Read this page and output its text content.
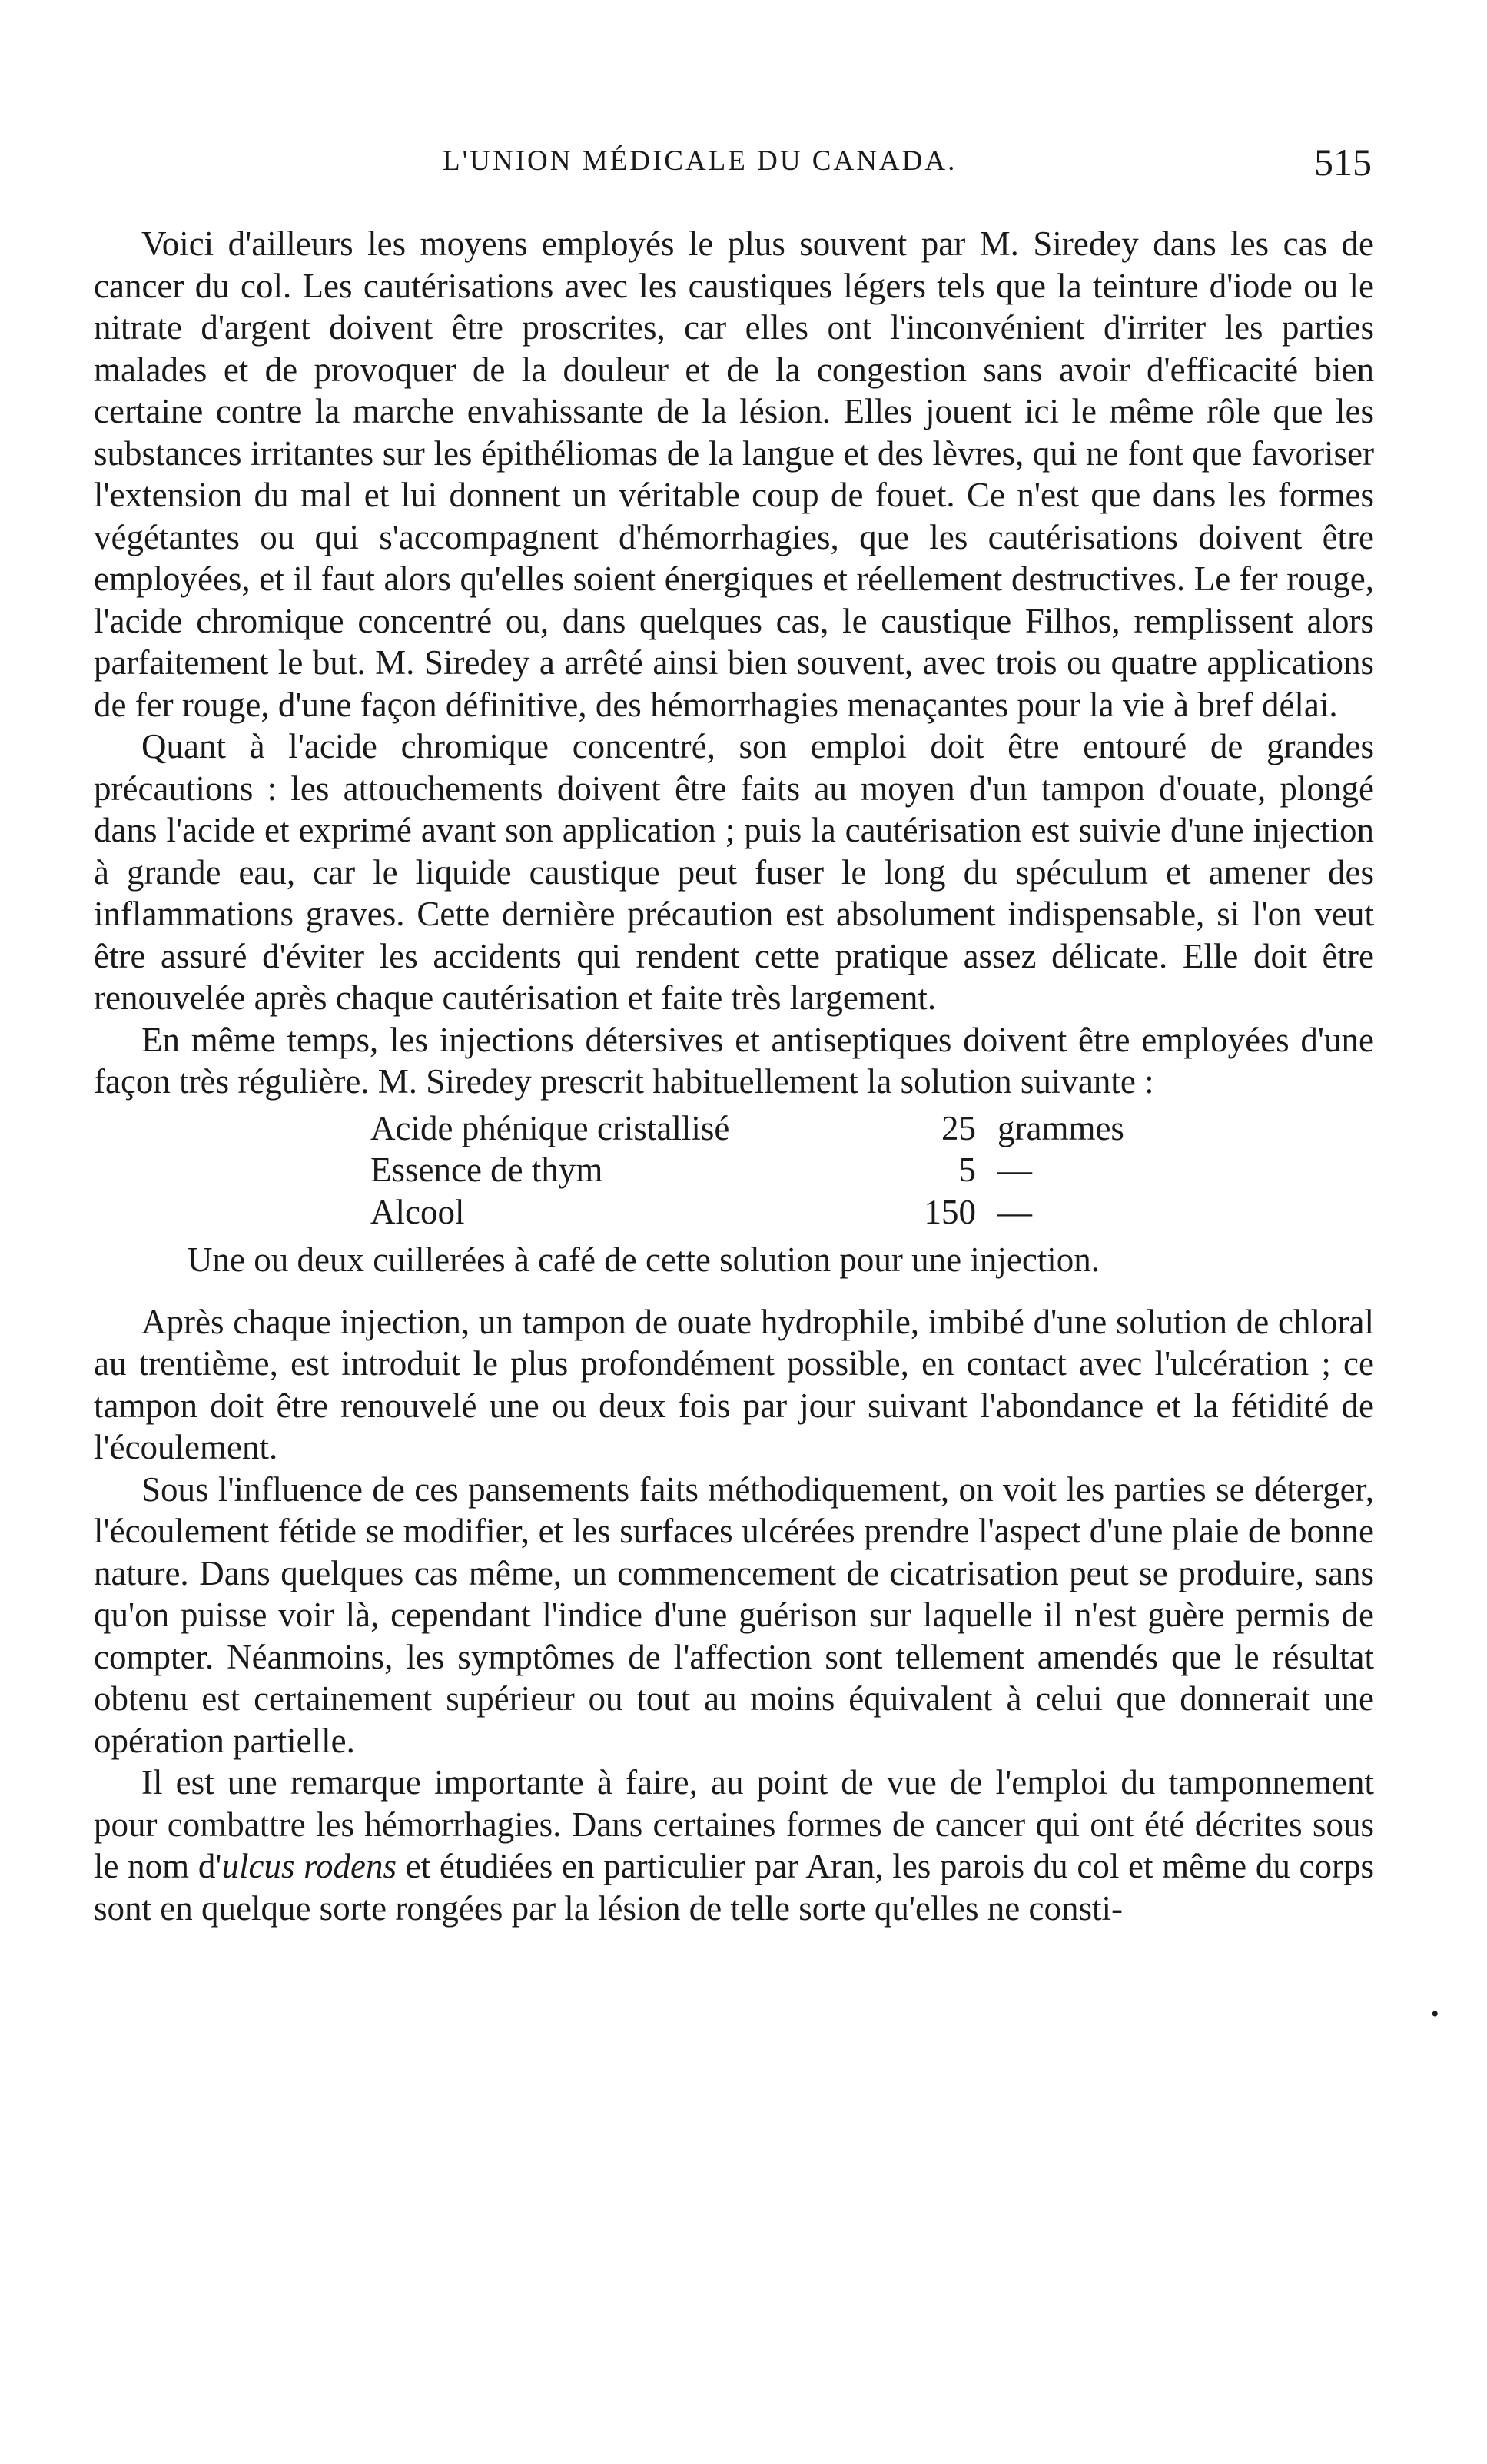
L'UNION MÉDICALE DU CANADA.	515

Voici d'ailleurs les moyens employés le plus souvent par M. Siredey dans les cas de cancer du col. Les cautérisations avec les caustiques légers tels que la teinture d'iode ou le nitrate d'argent doivent être proscrites, car elles ont l'inconvénient d'irriter les parties malades et de provoquer de la douleur et de la congestion sans avoir d'efficacité bien certaine contre la marche envahissante de la lésion. Elles jouent ici le même rôle que les substances irritantes sur les épithéliomas de la langue et des lèvres, qui ne font que favoriser l'extension du mal et lui donnent un véritable coup de fouet. Ce n'est que dans les formes végétantes ou qui s'accompagnent d'hémorrhagies, que les cautérisations doivent être employées, et il faut alors qu'elles soient énergiques et réellement destructives. Le fer rouge, l'acide chromique concentré ou, dans quelques cas, le caustique Filhos, remplissent alors parfaitement le but. M. Siredey a arrêté ainsi bien souvent, avec trois ou quatre applications de fer rouge, d'une façon définitive, des hémorrhagies menaçantes pour la vie à bref délai.

Quant à l'acide chromique concentré, son emploi doit être entouré de grandes précautions : les attouchements doivent être faits au moyen d'un tampon d'ouate, plongé dans l'acide et exprimé avant son application ; puis la cautérisation est suivie d'une injection à grande eau, car le liquide caustique peut fuser le long du spéculum et amener des inflammations graves. Cette dernière précaution est absolument indispensable, si l'on veut être assuré d'éviter les accidents qui rendent cette pratique assez délicate. Elle doit être renouvelée après chaque cautérisation et faite très largement.

En même temps, les injections détersives et antiseptiques doivent être employées d'une façon très régulière. M. Siredey prescrit habituellement la solution suivante :

Acide phénique cristallisé	25 grammes
Essence de thym	5 —
Alcool	150 —

Une ou deux cuillerées à café de cette solution pour une injection.

Après chaque injection, un tampon de ouate hydrophile, imbibé d'une solution de chloral au trentième, est introduit le plus profondément possible, en contact avec l'ulcération ; ce tampon doit être renouvelé une ou deux fois par jour suivant l'abondance et la fétidité de l'écoulement.

Sous l'influence de ces pansements faits méthodiquement, on voit les parties se déterger, l'écoulement fétide se modifier, et les surfaces ulcérées prendre l'aspect d'une plaie de bonne nature. Dans quelques cas même, un commencement de cicatrisation peut se produire, sans qu'on puisse voir là, cependant l'indice d'une guérison sur laquelle il n'est guère permis de compter. Néanmoins, les symptômes de l'affection sont tellement amendés que le résultat obtenu est certainement supérieur ou tout au moins équivalent à celui que donnerait une opération partielle.

Il est une remarque importante à faire, au point de vue de l'emploi du tamponnement pour combattre les hémorrhagies. Dans certaines formes de cancer qui ont été décrites sous le nom d'ulcus rodens et étudiées en particulier par Aran, les parois du col et même du corps sont en quelque sorte rongées par la lésion de telle sorte qu'elles ne consti-

•
